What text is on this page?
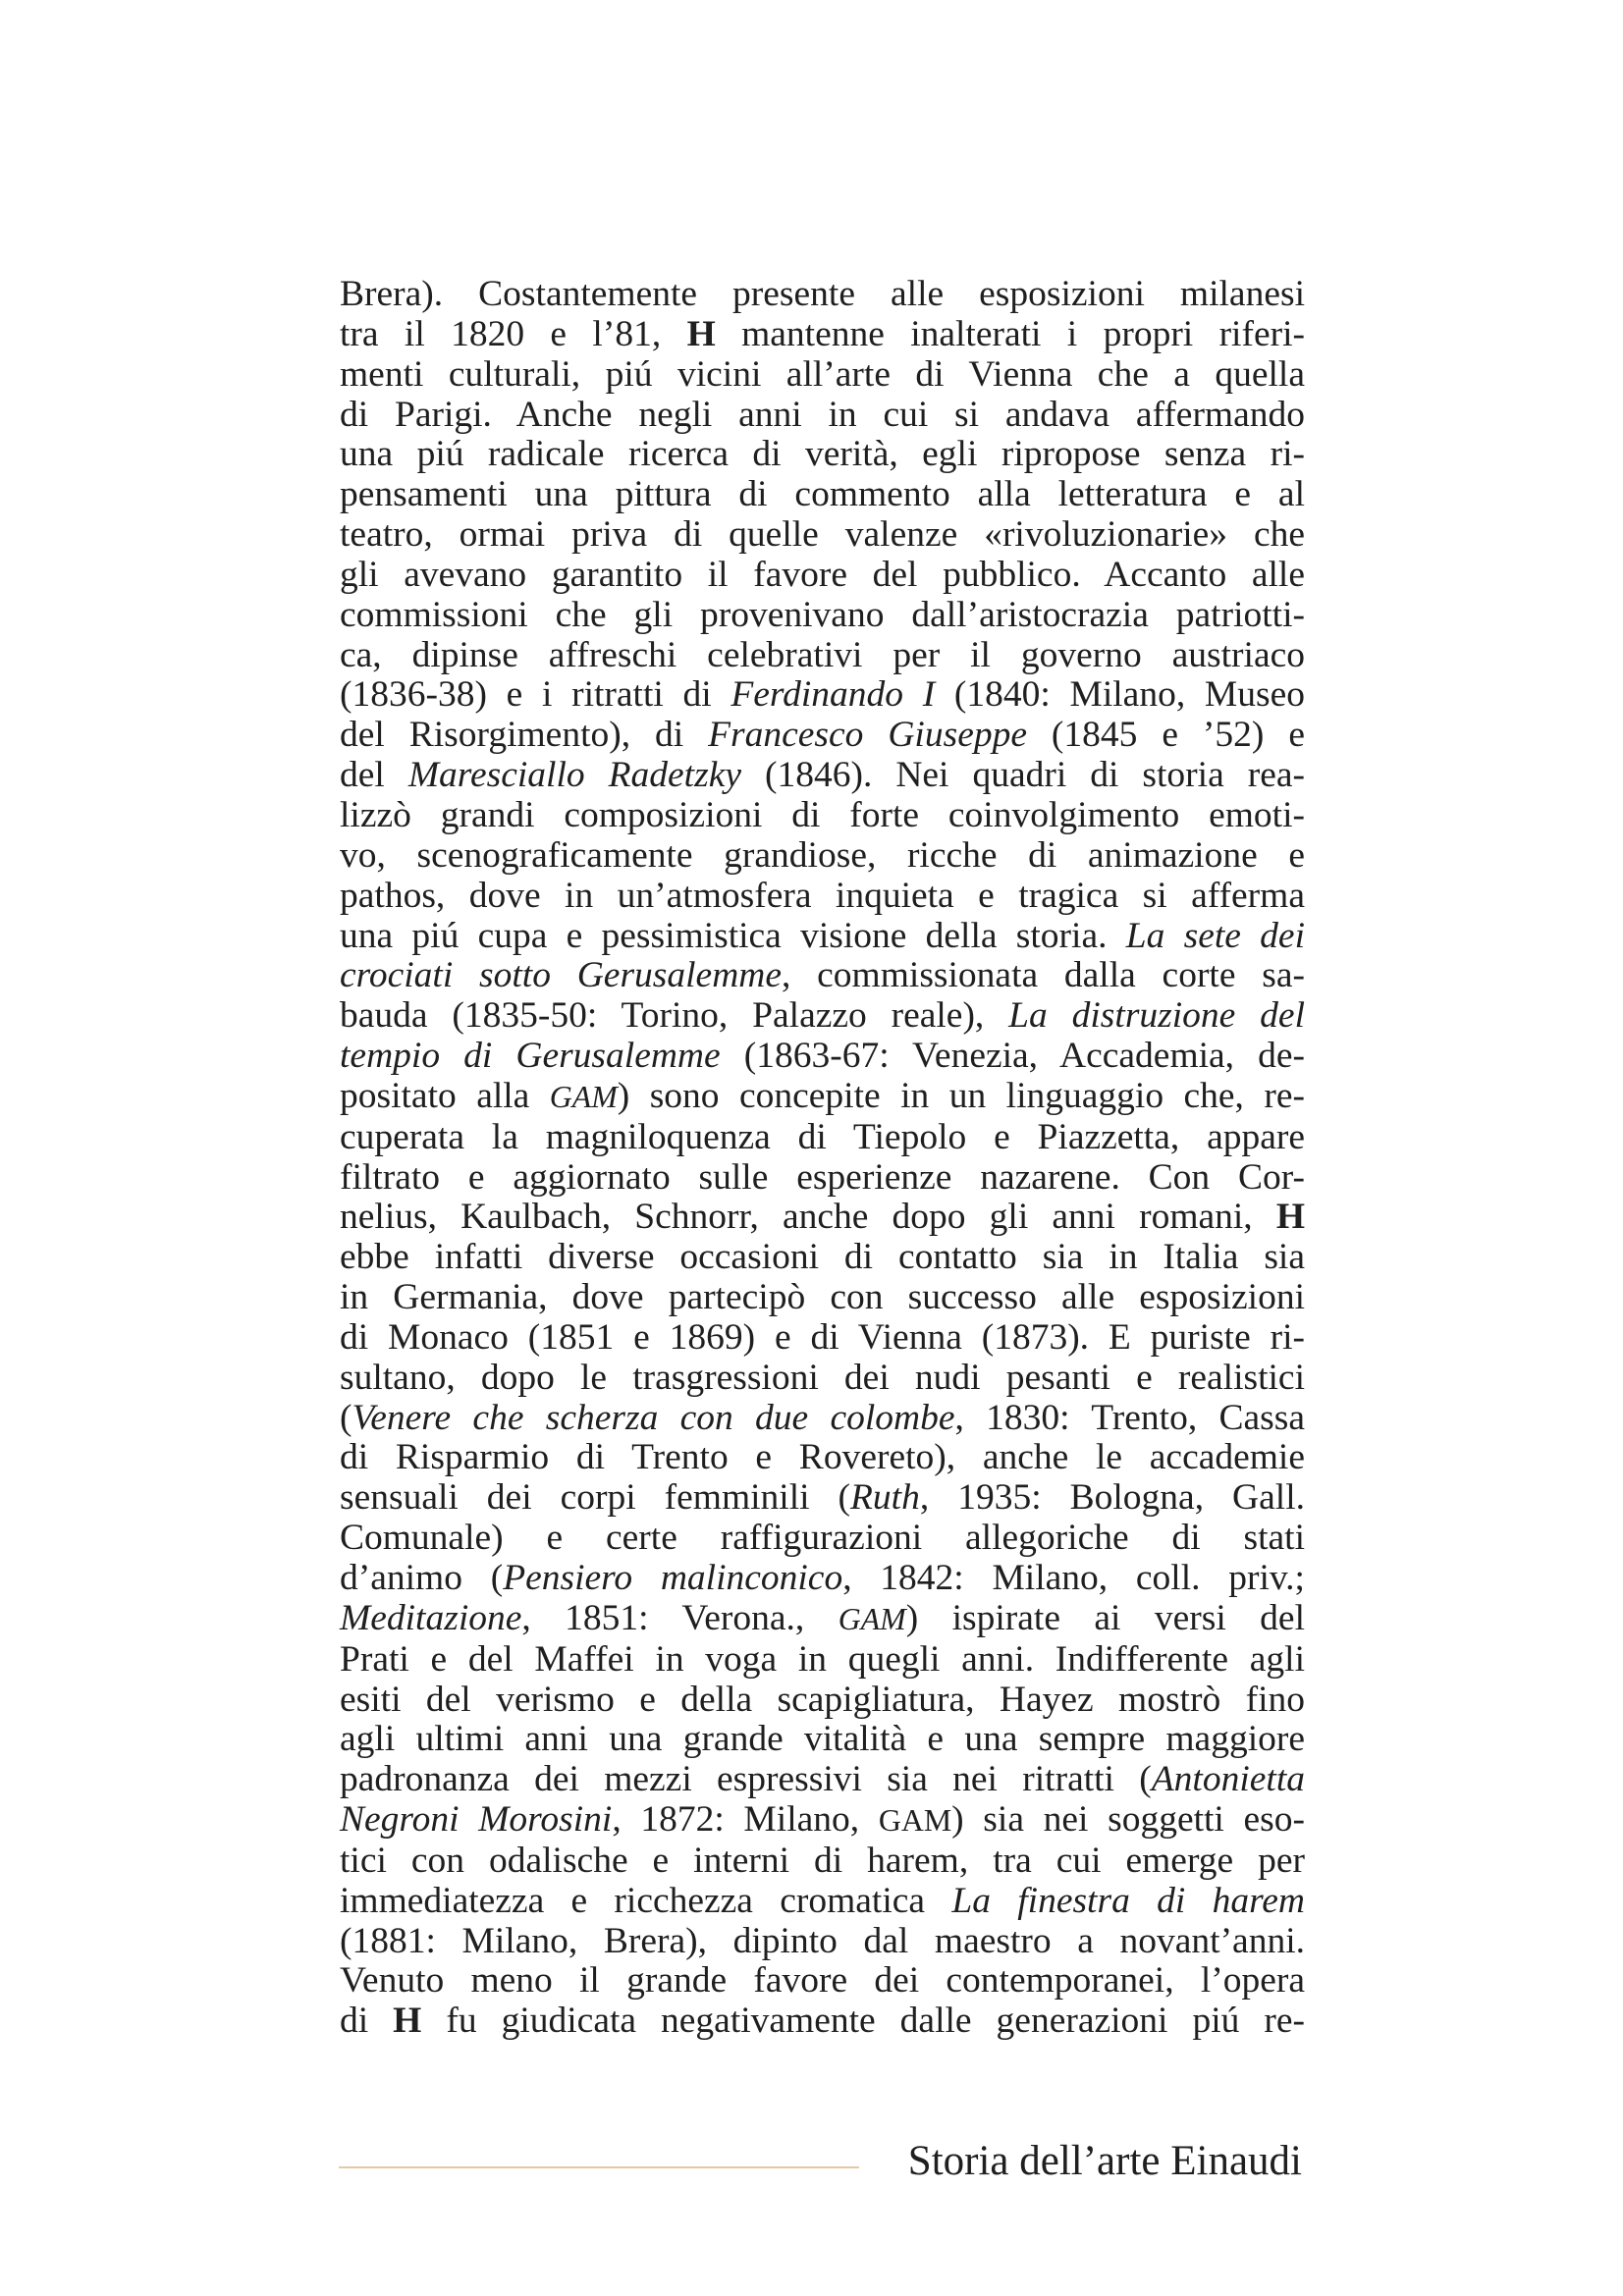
Brera). Costantemente presente alle esposizioni milanesi
tra il 1820 e l’81, H mantenne inalterati i propri riferi-
menti culturali, piú vicini all’arte di Vienna che a quella
di Parigi. Anche negli anni in cui si andava affermando
una piú radicale ricerca di verità, egli ripropose senza ri-
pensamenti una pittura di commento alla letteratura e al
teatro, ormai priva di quelle valenze «rivoluzionarie» che
gli avevano garantito il favore del pubblico. Accanto alle
commissioni che gli provenivano dall’aristocrazia patriotti-
ca, dipinse affreschi celebrativi per il governo austriaco
(1836-38) e i ritratti di Ferdinando I (1840: Milano, Museo
del Risorgimento), di Francesco Giuseppe (1845 e ’52) e
del Maresciallo Radetzky (1846). Nei quadri di storia rea-
lizzò grandi composizioni di forte coinvolgimento emoti-
vo, scenograficamente grandiose, ricche di animazione e
pathos, dove in un’atmosfera inquieta e tragica si afferma
una piú cupa e pessimistica visione della storia. La sete dei
crociati sotto Gerusalemme, commissionata dalla corte sa-
bauda (1835-50: Torino, Palazzo reale), La distruzione del
tempio di Gerusalemme (1863-67: Venezia, Accademia, de-
positato alla GAM) sono concepite in un linguaggio che, re-
cuperata la magniloquenza di Tiepolo e Piazzetta, appare
filtrato e aggiornato sulle esperienze nazarene. Con Cor-
nelius, Kaulbach, Schnorr, anche dopo gli anni romani, H
ebbe infatti diverse occasioni di contatto sia in Italia sia
in Germania, dove partecipò con successo alle esposizioni
di Monaco (1851 e 1869) e di Vienna (1873). E puriste ri-
sultano, dopo le trasgressioni dei nudi pesanti e realistici
(Venere che scherza con due colombe, 1830: Trento, Cassa
di Risparmio di Trento e Rovereto), anche le accademie
sensuali dei corpi femminili (Ruth, 1935: Bologna, Gall.
Comunale) e certe raffigurazioni allegoriche di stati
d’animo (Pensiero malinconico, 1842: Milano, coll. priv.;
Meditazione, 1851: Verona., GAM) ispirate ai versi del
Prati e del Maffei in voga in quegli anni. Indifferente agli
esiti del verismo e della scapigliatura, Hayez mostrò fino
agli ultimi anni una grande vitalità e una sempre maggiore
padronanza dei mezzi espressivi sia nei ritratti (Antonietta
Negroni Morosini, 1872: Milano, GAM) sia nei soggetti eso-
tici con odalische e interni di harem, tra cui emerge per
immediatezza e ricchezza cromatica La finestra di harem
(1881: Milano, Brera), dipinto dal maestro a novant’anni.
Venuto meno il grande favore dei contemporanei, l’opera
di H fu giudicata negativamente dalle generazioni piú re-
Storia dell’arte Einaudi
